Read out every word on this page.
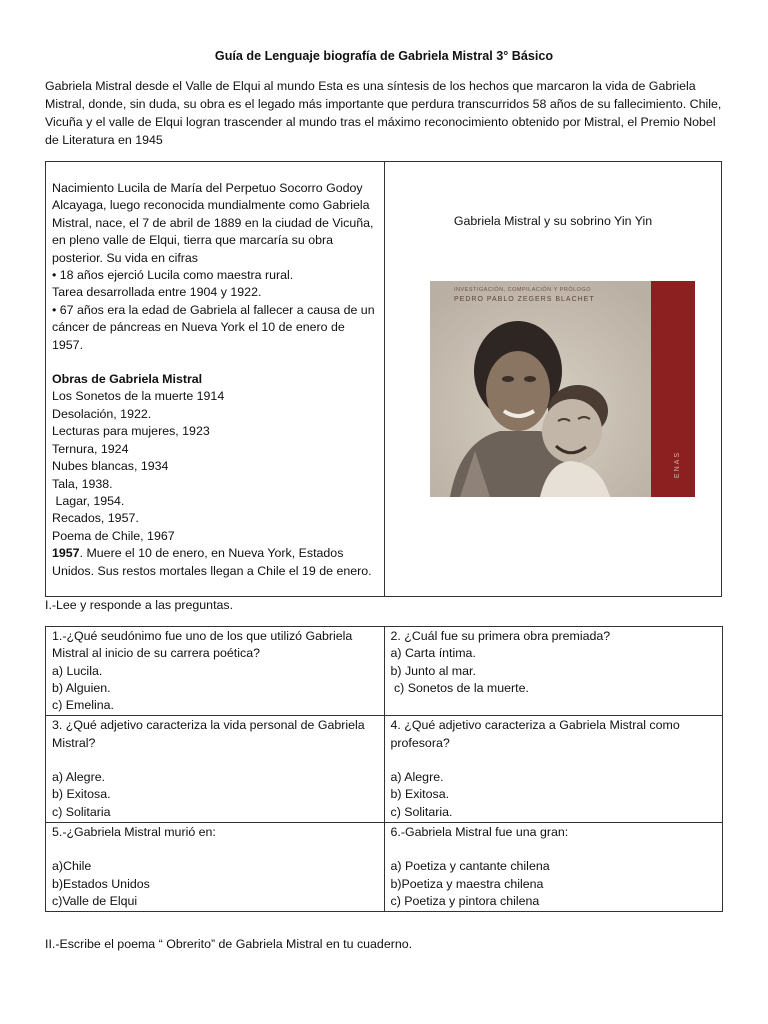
Guía de Lenguaje biografía de Gabriela Mistral 3° Básico
Gabriela Mistral desde el Valle de Elqui al mundo Esta es una síntesis de los hechos que marcaron la vida de Gabriela Mistral, donde, sin duda, su obra es el legado más importante que perdura transcurridos 58 años de su fallecimiento. Chile, Vicuña y el valle de Elqui logran trascender al mundo tras el máximo reconocimiento obtenido por Mistral, el Premio Nobel de Literatura en 1945
Nacimiento Lucila de María del Perpetuo Socorro Godoy Alcayaga, luego reconocida mundialmente como Gabriela Mistral, nace, el 7 de abril de 1889 en la ciudad de Vicuña, en pleno valle de Elqui, tierra que marcaría su obra posterior. Su vida en cifras
• 18 años ejerció Lucila como maestra rural.
Tarea desarrollada entre 1904 y 1922.
• 67 años era la edad de Gabriela al fallecer a causa de un cáncer de páncreas en Nueva York el 10 de enero de 1957.
Obras de Gabriela Mistral
Los Sonetos de la muerte 1914
Desolación, 1922.
Lecturas para mujeres, 1923
Ternura, 1924
Nubes blancas, 1934
Tala, 1938.
Lagar, 1954.
Recados, 1957.
Poema de Chile, 1967
1957. Muere el 10 de enero, en Nueva York, Estados Unidos. Sus restos mortales llegan a Chile el 19 de enero.
Gabriela Mistral y su sobrino Yin Yin
INVESTIGACIÓN, COMPILACIÓN Y PRÓLOGO
PEDRO PABLO ZEGERS BLACHET
ENAS
I.-Lee y responde a las preguntas.
1.-¿Qué seudónimo fue uno de los que utilizó Gabriela Mistral al inicio de su carrera poética?
a) Lucila.
b) Alguien.
c) Emelina.	2. ¿Cuál fue su primera obra premiada?
a) Carta íntima.
b) Junto al mar.
c) Sonetos de la muerte.

3. ¿Qué adjetivo caracteriza la vida personal de Gabriela Mistral?
a) Alegre.
b) Exitosa.
c) Solitaria	4. ¿Qué adjetivo caracteriza a Gabriela Mistral como profesora?
a) Alegre.
b) Exitosa.
c) Solitaria.

5.-¿Gabriela Mistral murió en:
a)Chile
b)Estados Unidos
c)Valle de Elqui	6.-Gabriela Mistral fue una gran:
a) Poetiza y cantante chilena
b)Poetiza y maestra chilena
c) Poetiza y pintora chilena
II.-Escribe el poema “ Obrerito” de Gabriela Mistral en tu cuaderno.
